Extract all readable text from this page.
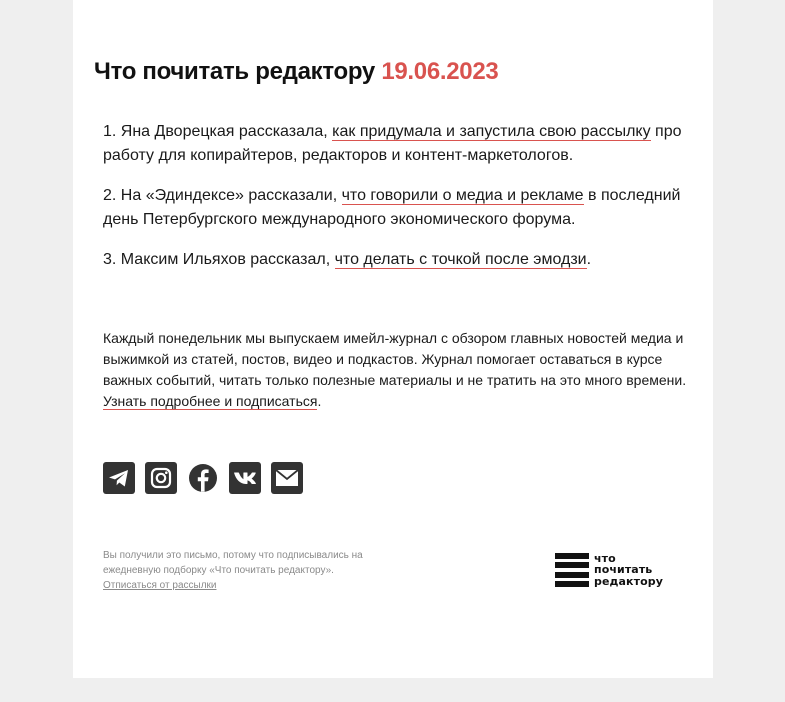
Что почитать редактору 19.06.2023

1. Яна Дворецкая рассказала, как придумала и запустила свою рассылку про работу для копирайтеров, редакторов и контент-маркетологов.

2. На «Эдиндексе» рассказали, что говорили о медиа и рекламе в последний день Петербургского международного экономического форума.

3. Максим Ильяхов рассказал, что делать с точкой после эмодзи.

Каждый понедельник мы выпускаем имейл-журнал с обзором главных новостей медиа и выжимкой из статей, постов, видео и подкастов. Журнал помогает оставаться в курсе важных событий, читать только полезные материалы и не тратить на это много времени. Узнать подробнее и подписаться.

Вы получили это письмо, потому что подписывались на ежедневную подборку «Что почитать редактору».

Отписаться от рассылки

что
почитать
редактору
